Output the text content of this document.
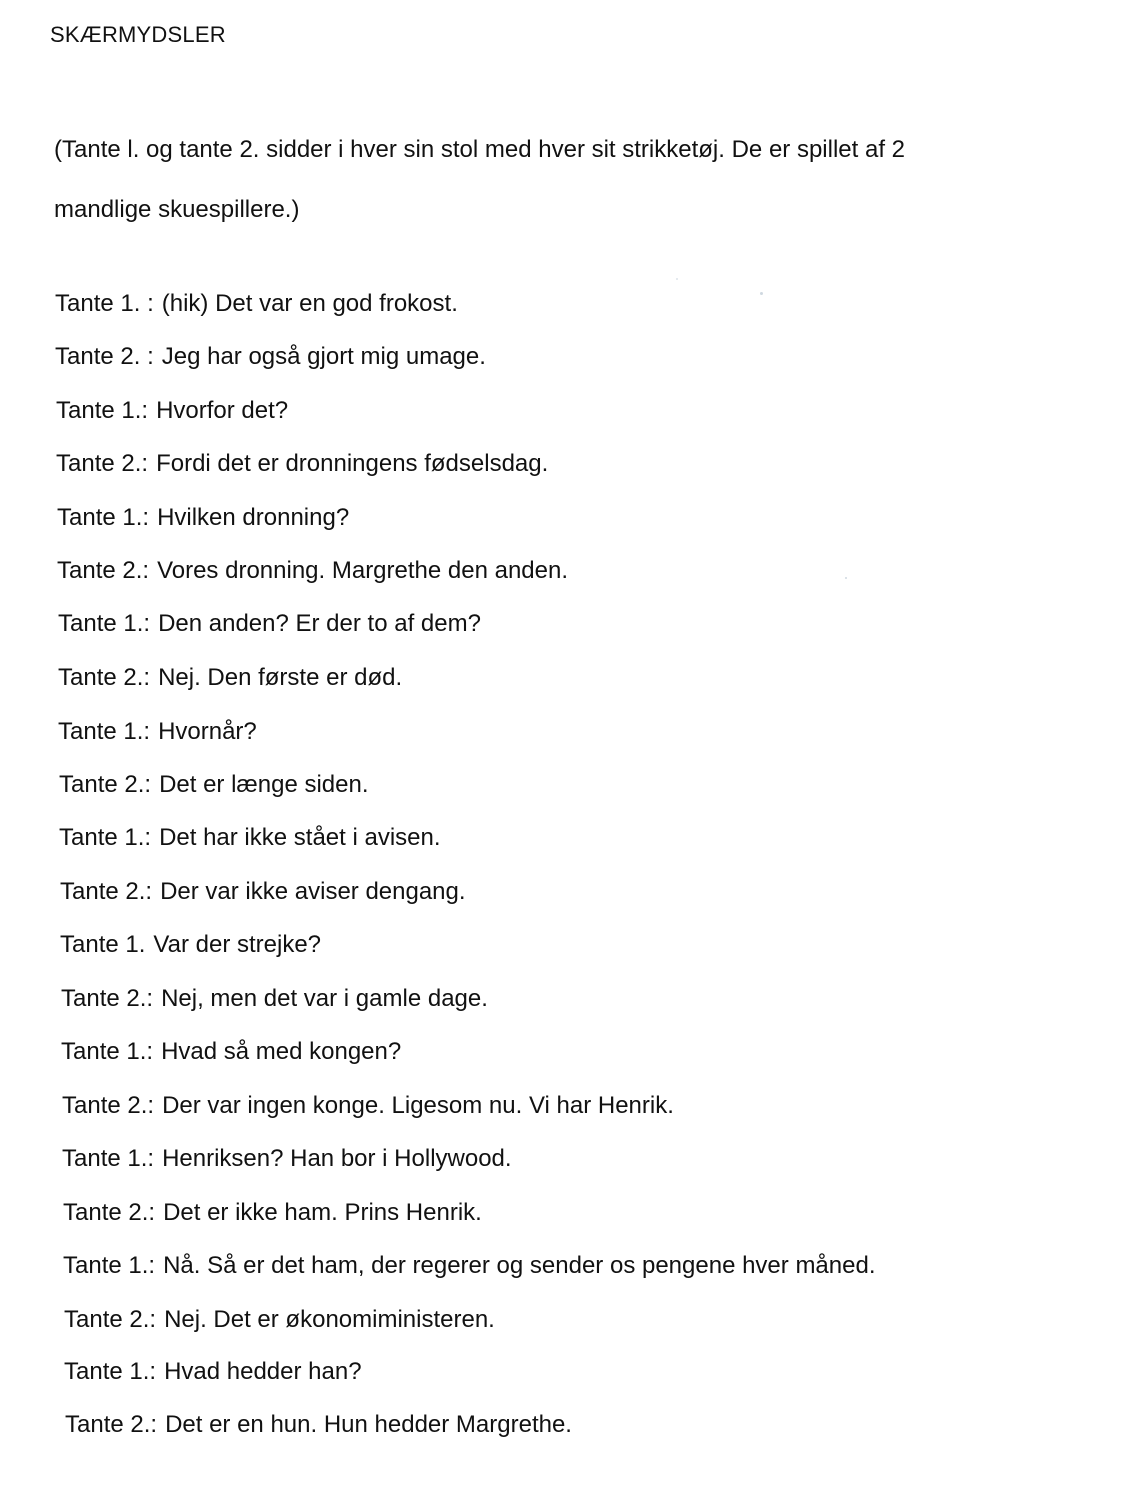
SKÆRMYDSLER
(Tante l. og tante 2. sidder i hver sin stol med hver sit strikketøj. De er spillet af 2
mandlige skuespillere.)
Tante 1. : (hik) Det var en god frokost.
Tante 2. : Jeg har også gjort mig umage.
Tante 1.: Hvorfor det?
Tante 2.: Fordi det er dronningens fødselsdag.
Tante 1.: Hvilken dronning?
Tante 2.: Vores dronning. Margrethe den anden.
Tante 1.: Den anden? Er der to af dem?
Tante 2.: Nej. Den første er død.
Tante 1.: Hvornår?
Tante 2.: Det er længe siden.
Tante 1.: Det har ikke stået i avisen.
Tante 2.: Der var ikke aviser dengang.
Tante 1. Var der strejke?
Tante 2.: Nej, men det var i gamle dage.
Tante 1.: Hvad så med kongen?
Tante 2.: Der var ingen konge. Ligesom nu. Vi har Henrik.
Tante 1.: Henriksen? Han bor i Hollywood.
Tante 2.: Det er ikke ham. Prins Henrik.
Tante 1.: Nå. Så er det ham, der regerer og sender os pengene hver måned.
Tante 2.: Nej. Det er økonomiministeren.
Tante 1.: Hvad hedder han?
Tante 2.: Det er en hun. Hun hedder Margrethe.
